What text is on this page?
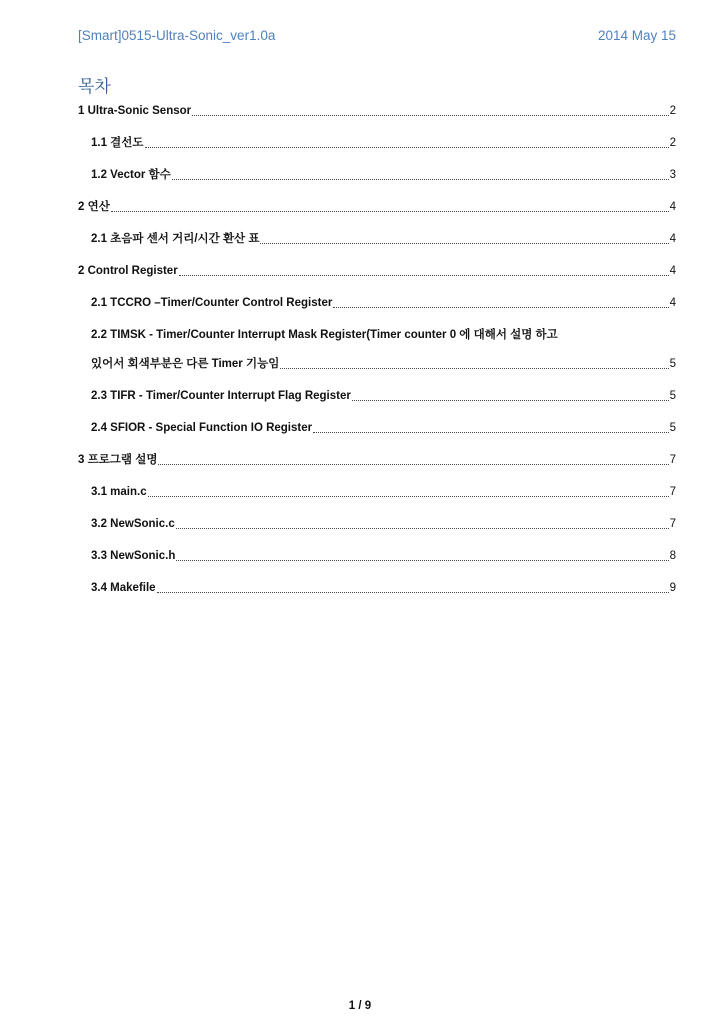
[Smart]0515-Ultra-Sonic_ver1.0a	2014 May 15
목차
1 Ultra-Sonic Sensor	2
1.1 결선도	2
1.2 Vector 함수	3
2 연산	4
2.1 초음파 센서 거리/시간 환산 표	4
2 Control Register	4
2.1 TCCRO –Timer/Counter Control Register	4
2.2 TIMSK - Timer/Counter Interrupt Mask Register(Timer counter 0 에 대해서 설명 하고
있어서 회색부분은 다른 Timer 기능임	5
2.3 TIFR - Timer/Counter Interrupt Flag Register	5
2.4 SFIOR - Special Function IO Register	5
3 프로그램 설명	7
3.1 main.c	7
3.2 NewSonic.c	7
3.3 NewSonic.h	8
3.4 Makefile	9
1 / 9
